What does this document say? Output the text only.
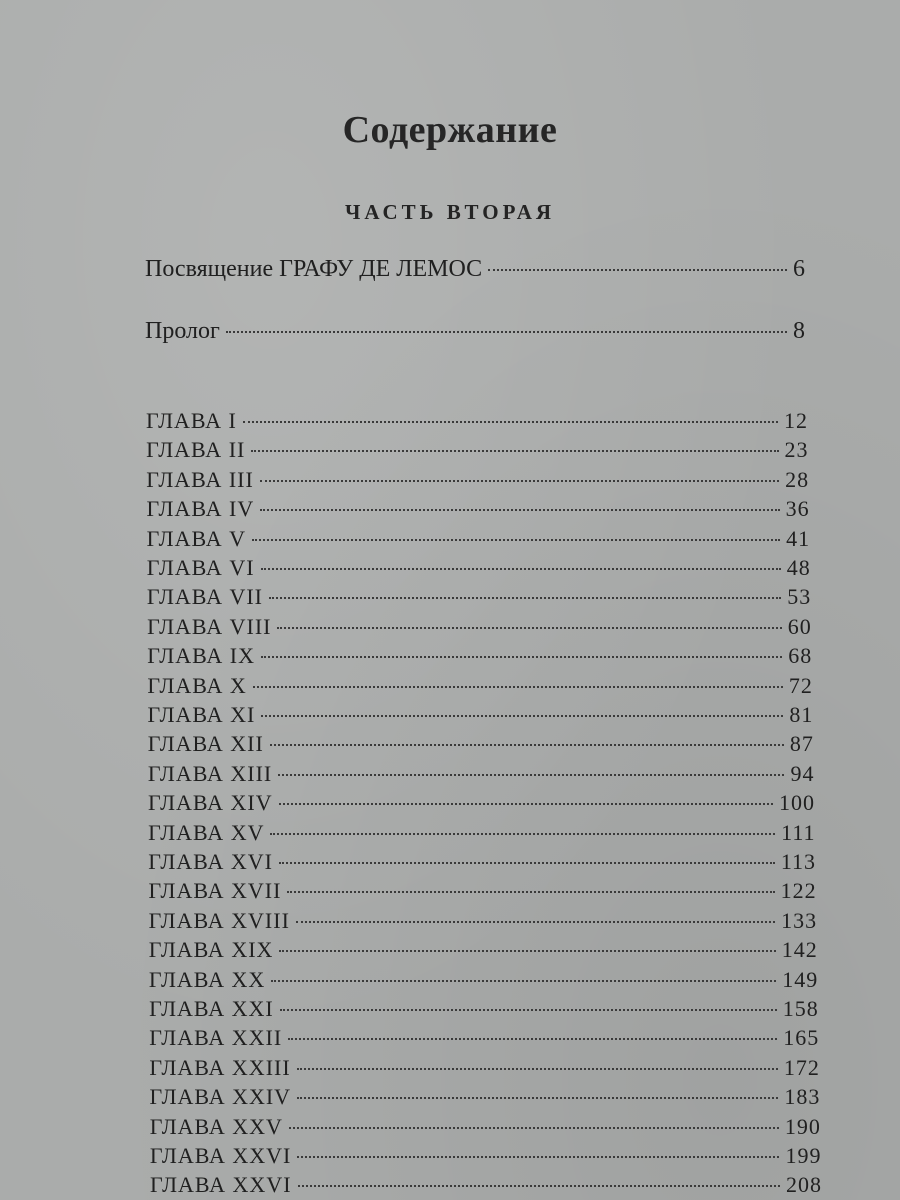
Содержание
ЧАСТЬ ВТОРАЯ
Посвящение ГРАФУ ДЕ ЛЕМОС	6
Пролог	8
ГЛАВА I	12
ГЛАВА II	23
ГЛАВА III	28
ГЛАВА IV	36
ГЛАВА V	41
ГЛАВА VI	48
ГЛАВА VII	53
ГЛАВА VIII	60
ГЛАВА IX	68
ГЛАВА X	72
ГЛАВА XI	81
ГЛАВА XII	87
ГЛАВА XIII	94
ГЛАВА XIV	100
ГЛАВА XV	111
ГЛАВА XVI	113
ГЛАВА XVII	122
ГЛАВА XVIII	133
ГЛАВА XIX	142
ГЛАВА XX	149
ГЛАВА XXI	158
ГЛАВА XXII	165
ГЛАВА XXIII	172
ГЛАВА XXIV	183
ГЛАВА XXV	190
ГЛАВА XXVI	199
ГЛАВА XXVI	208
